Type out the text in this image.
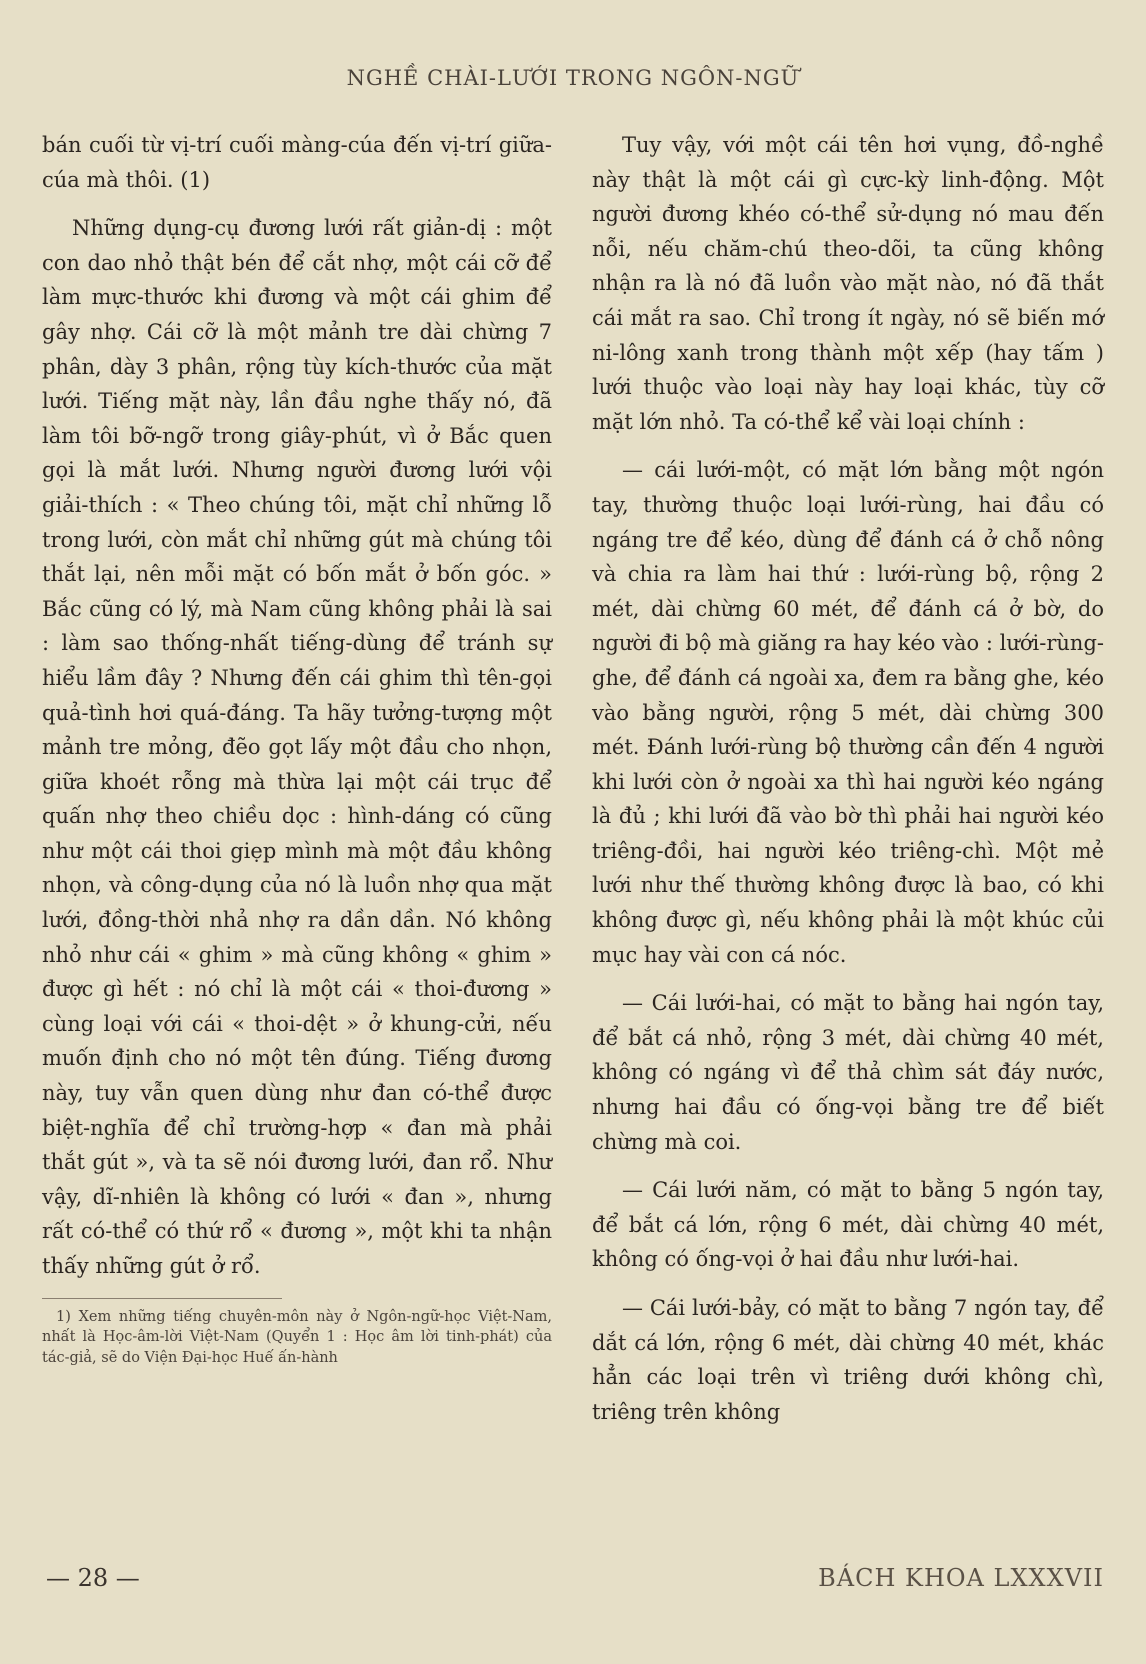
NGHỀ CHÀI-LƯỚI TRONG NGÔN-NGỮ

bán cuối từ vị-trí cuối màng-cúa đến vị-trí giữa-cúa mà thôi. (1)

Những dụng-cụ đương lưới rất giản-dị : một con dao nhỏ thật bén để cắt nhợ, một cái cỡ để làm mực-thước khi đương và một cái ghim để gây nhợ. Cái cỡ là một mảnh tre dài chừng 7 phân, dày 3 phân, rộng tùy kích-thước của mặt lưới. Tiếng mặt này, lần đầu nghe thấy nó, đã làm tôi bỡ-ngỡ trong giây-phút, vì ở Bắc quen gọi là mắt lưới. Nhưng người đương lưới vội giải-thích : « Theo chúng tôi, mặt chỉ những lỗ trong lưới, còn mắt chỉ những gút mà chúng tôi thắt lại, nên mỗi mặt có bốn mắt ở bốn góc. » Bắc cũng có lý, mà Nam cũng không phải là sai : làm sao thống-nhất tiếng-dùng để tránh sự hiểu lầm đây ? Nhưng đến cái ghim thì tên-gọi quả-tình hơi quá-đáng. Ta hãy tưởng-tượng một mảnh tre mỏng, đẽo gọt lấy một đầu cho nhọn, giữa khoét rỗng mà thừa lại một cái trục để quấn nhợ theo chiều dọc : hình-dáng có cũng như một cái thoi giẹp mình mà một đầu không nhọn, và công-dụng của nó là luồn nhợ qua mặt lưới, đồng-thời nhả nhợ ra dần dần. Nó không nhỏ như cái « ghim » mà cũng không « ghim » được gì hết : nó chỉ là một cái « thoi-đương » cùng loại với cái « thoi-dệt » ở khung-cửi, nếu muốn định cho nó một tên đúng. Tiếng đương này, tuy vẫn quen dùng như đan có-thể được biệt-nghĩa để chỉ trường-hợp « đan mà phải thắt gút », và ta sẽ nói đương lưới, đan rổ. Như vậy, dĩ-nhiên là không có lưới « đan », nhưng rất có-thể có thứ rổ « đương », một khi ta nhận thấy những gút ở rổ.

1) Xem những tiếng chuyên-môn này ở Ngôn-ngữ-học Việt-Nam, nhất là Học-âm-lời Việt-Nam (Quyển 1 : Học âm lời tinh-phát) của tác-giả, sẽ do Viện Đại-học Huế ấn-hành

Tuy vậy, với một cái tên hơi vụng, đồ-nghề này thật là một cái gì cực-kỳ linh-động. Một người đương khéo có-thể sử-dụng nó mau đến nỗi, nếu chăm-chú theo-dõi, ta cũng không nhận ra là nó đã luồn vào mặt nào, nó đã thắt cái mắt ra sao. Chỉ trong ít ngày, nó sẽ biến mớ ni-lông xanh trong thành một xếp (hay tấm ) lưới thuộc vào loại này hay loại khác, tùy cỡ mặt lớn nhỏ. Ta có-thể kể vài loại chính :

— cái lưới-một, có mặt lớn bằng một ngón tay, thường thuộc loại lưới-rùng, hai đầu có ngáng tre để kéo, dùng để đánh cá ở chỗ nông và chia ra làm hai thứ : lưới-rùng bộ, rộng 2 mét, dài chừng 60 mét, để đánh cá ở bờ, do người đi bộ mà giăng ra hay kéo vào : lưới-rùng-ghe, để đánh cá ngoài xa, đem ra bằng ghe, kéo vào bằng người, rộng 5 mét, dài chừng 300 mét. Đánh lưới-rùng bộ thường cần đến 4 người khi lưới còn ở ngoài xa thì hai người kéo ngáng là đủ ; khi lưới đã vào bờ thì phải hai người kéo triêng-đồi, hai người kéo triêng-chì. Một mẻ lưới như thế thường không được là bao, có khi không được gì, nếu không phải là một khúc củi mục hay vài con cá nóc.

— Cái lưới-hai, có mặt to bằng hai ngón tay, để bắt cá nhỏ, rộng 3 mét, dài chừng 40 mét, không có ngáng vì để thả chìm sát đáy nước, nhưng hai đầu có ống-vọi bằng tre để biết chừng mà coi.

— Cái lưới năm, có mặt to bằng 5 ngón tay, để bắt cá lớn, rộng 6 mét, dài chừng 40 mét, không có ống-vọi ở hai đầu như lưới-hai.

— Cái lưới-bảy, có mặt to bằng 7 ngón tay, để dắt cá lớn, rộng 6 mét, dài chừng 40 mét, khác hẳn các loại trên vì triêng dưới không chì, triêng trên không

— 28 —	BÁCH KHOA LXXXVII
